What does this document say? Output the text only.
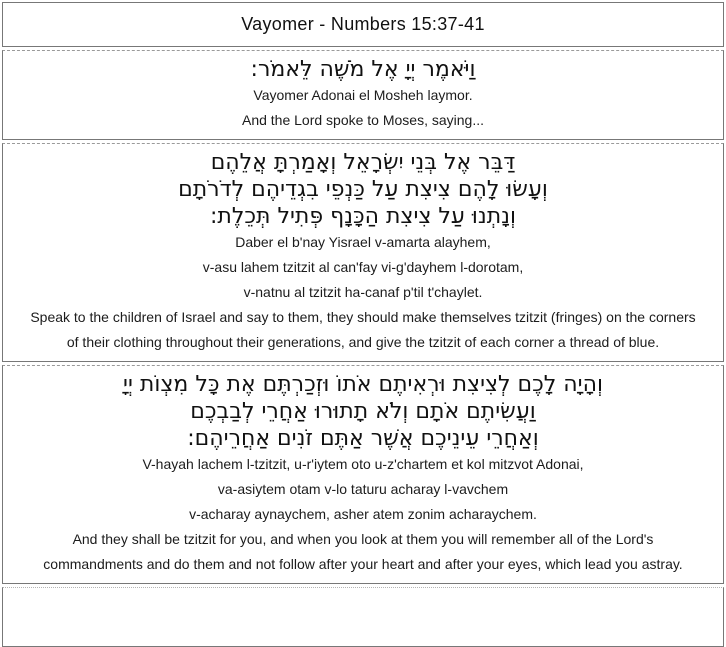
Vayomer - Numbers 15:37-41
וַיֹּאמֶר יְיָ אֶל מֹשֶׁה לֵּאמֹר:
Vayomer Adonai el Mosheh laymor.
And the Lord spoke to Moses, saying...
דַּבֵּר אֶל בְּנֵי יִשְׂרָאֵל וְאָמַרְתָּ אֲלֵהֶם
וְעָשׂוּ לָהֶם צִיצִת עַל כַּנְפֵי בִגְדֵיהֶם לְדֹרֹתָם
וְנָתְנוּ עַל צִיצִת הַכָּנָף פְּתִיל תְּכֵלֶת:
Daber el b'nay Yisrael v-amarta alayhem,
v-asu lahem tzitzit al can'fay vi-g'dayhem l-dorotam,
v-natnu al tzitzit ha-canaf p'til t'chaylet.
Speak to the children of Israel and say to them, they should make themselves tzitzit (fringes) on the corners
of their clothing throughout their generations, and give the tzitzit of each corner a thread of blue.
וְהָיָה לָכֶם לְצִיצִת וּרְאִיתֶם אֹתוֹ וּזְכַרְתֶּם אֶת כָּל מִצְוֹת יְיָ
וַעֲשִׂיתֶם אֹתָם וְלֹא תָתוּרוּ אַחֲרֵי לְבַבְכֶם
וְאַחֲרֵי עֵינֵיכֶם אֲשֶׁר אַתֶּם זֹנִים אַחֲרֵיהֶם:
V-hayah lachem l-tzitzit, u-r'iytem oto u-z'chartem et kol mitzvot Adonai,
va-asiytem otam v-lo taturu acharay l-vavchem
v-acharay aynaychem, asher atem zonim acharaychem.
And they shall be tzitzit for you, and when you look at them you will remember all of the Lord's
commandments and do them and not follow after your heart and after your eyes, which lead you astray.
